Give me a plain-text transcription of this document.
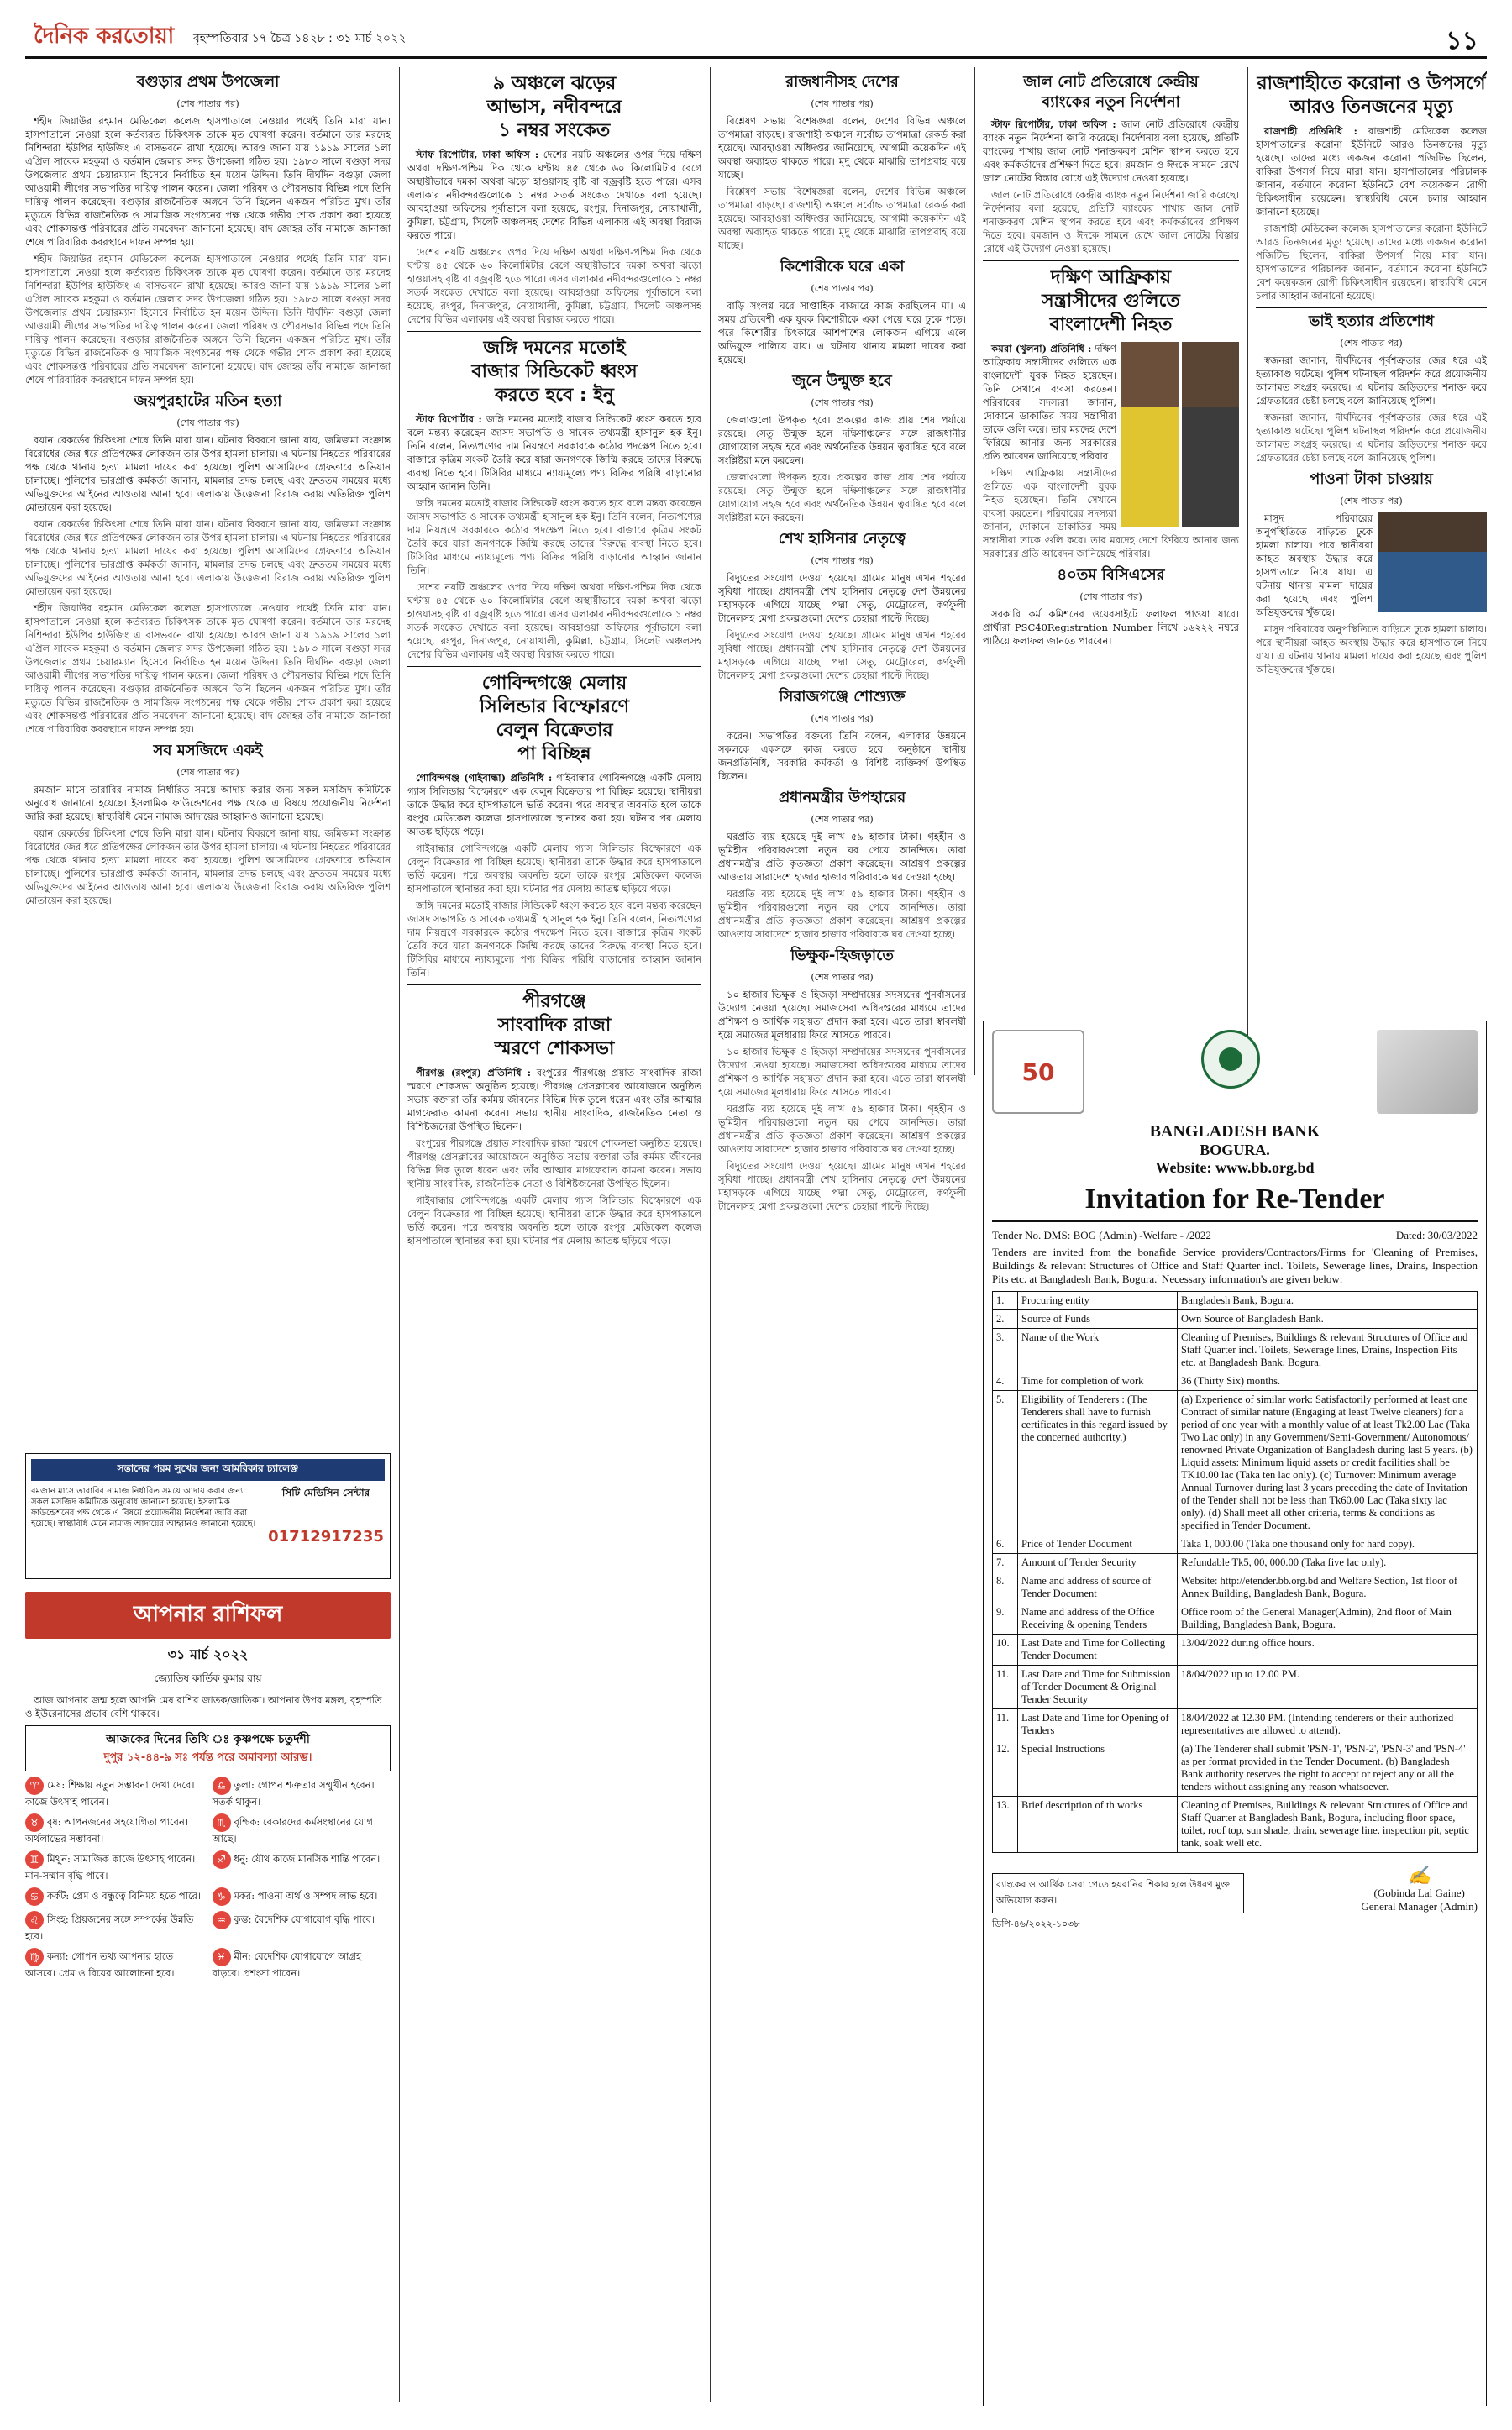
দৈনিক করতোয়া বৃহস্পতিবার ১৭ চৈত্র ১৪২৮ : ৩১ মার্চ ২০২২	১১
বগুড়ার প্রথম উপজেলা
(শেষ পাতার পর)

শহীদ জিয়াউর রহমান মেডিকেল কলেজ হাসপাতালে নেওয়ার পথেই তিনি মারা যান। হাসপাতালে নেওয়া হলে কর্তব্যরত চিকিৎসক তাকে মৃত ঘোষণা করেন। বর্তমানে তার মরদেহ নিশিন্দারা ইউপির হাউজিং এ বাসভবনে রাখা হয়েছে। আরও জানা যায় ১৯১৯ সালের ১লা এপ্রিল সাবেক মহকুমা ও বর্তমান জেলার সদর উপজেলা গঠিত হয়। ১৯৮৩ সালে বগুড়া সদর উপজেলার প্রথম চেয়ারম্যান হিসেবে নির্বাচিত হন ময়েন উদ্দিন। তিনি দীর্ঘদিন বগুড়া জেলা আওয়ামী লীগের সভাপতির দায়িত্ব পালন করেন। জেলা পরিষদ ও পৌরসভার বিভিন্ন পদে তিনি দায়িত্ব পালন করেছেন। বগুড়ার রাজনৈতিক অঙ্গনে তিনি ছিলেন একজন পরিচিত মুখ। তাঁর মৃত্যুতে বিভিন্ন রাজনৈতিক ও সামাজিক সংগঠনের পক্ষ থেকে গভীর শোক প্রকাশ করা হয়েছে এবং শোকসন্তপ্ত পরিবারের প্রতি সমবেদনা জানানো হয়েছে। বাদ জোহর তাঁর নামাজে জানাজা শেষে পারিবারিক কবরস্থানে দাফন সম্পন্ন হয়।

শহীদ জিয়াউর রহমান মেডিকেল কলেজ হাসপাতালে নেওয়ার পথেই তিনি মারা যান। হাসপাতালে নেওয়া হলে কর্তব্যরত চিকিৎসক তাকে মৃত ঘোষণা করেন। বর্তমানে তার মরদেহ নিশিন্দারা ইউপির হাউজিং এ বাসভবনে রাখা হয়েছে। আরও জানা যায় ১৯১৯ সালের ১লা এপ্রিল সাবেক মহকুমা ও বর্তমান জেলার সদর উপজেলা গঠিত হয়। ১৯৮৩ সালে বগুড়া সদর উপজেলার প্রথম চেয়ারম্যান হিসেবে নির্বাচিত হন ময়েন উদ্দিন। তিনি দীর্ঘদিন বগুড়া জেলা আওয়ামী লীগের সভাপতির দায়িত্ব পালন করেন। জেলা পরিষদ ও পৌরসভার বিভিন্ন পদে তিনি দায়িত্ব পালন করেছেন। বগুড়ার রাজনৈতিক অঙ্গনে তিনি ছিলেন একজন পরিচিত মুখ। তাঁর মৃত্যুতে বিভিন্ন রাজনৈতিক ও সামাজিক সংগঠনের পক্ষ থেকে গভীর শোক প্রকাশ করা হয়েছে এবং শোকসন্তপ্ত পরিবারের প্রতি সমবেদনা জানানো হয়েছে। বাদ জোহর তাঁর নামাজে জানাজা শেষে পারিবারিক কবরস্থানে দাফন সম্পন্ন হয়।

জয়পুরহাটের মতিন হত্যা
(শেষ পাতার পর)

বয়ান রেকর্ডের চিকিৎসা শেষে তিনি মারা যান। ঘটনার বিবরণে জানা যায়, জমিজমা সংক্রান্ত বিরোধের জের ধরে প্রতিপক্ষের লোকজন তার উপর হামলা চালায়। এ ঘটনায় নিহতের পরিবারের পক্ষ থেকে থানায় হত্যা মামলা দায়ের করা হয়েছে। পুলিশ আসামিদের গ্রেফতারে অভিযান চালাচ্ছে। পুলিশের ভারপ্রাপ্ত কর্মকর্তা জানান, মামলার তদন্ত চলছে এবং দ্রুততম সময়ের মধ্যে অভিযুক্তদের আইনের আওতায় আনা হবে। এলাকায় উত্তেজনা বিরাজ করায় অতিরিক্ত পুলিশ মোতায়েন করা হয়েছে।

বয়ান রেকর্ডের চিকিৎসা শেষে তিনি মারা যান। ঘটনার বিবরণে জানা যায়, জমিজমা সংক্রান্ত বিরোধের জের ধরে প্রতিপক্ষের লোকজন তার উপর হামলা চালায়। এ ঘটনায় নিহতের পরিবারের পক্ষ থেকে থানায় হত্যা মামলা দায়ের করা হয়েছে। পুলিশ আসামিদের গ্রেফতারে অভিযান চালাচ্ছে। পুলিশের ভারপ্রাপ্ত কর্মকর্তা জানান, মামলার তদন্ত চলছে এবং দ্রুততম সময়ের মধ্যে অভিযুক্তদের আইনের আওতায় আনা হবে। এলাকায় উত্তেজনা বিরাজ করায় অতিরিক্ত পুলিশ মোতায়েন করা হয়েছে।

শহীদ জিয়াউর রহমান মেডিকেল কলেজ হাসপাতালে নেওয়ার পথেই তিনি মারা যান। হাসপাতালে নেওয়া হলে কর্তব্যরত চিকিৎসক তাকে মৃত ঘোষণা করেন। বর্তমানে তার মরদেহ নিশিন্দারা ইউপির হাউজিং এ বাসভবনে রাখা হয়েছে। আরও জানা যায় ১৯১৯ সালের ১লা এপ্রিল সাবেক মহকুমা ও বর্তমান জেলার সদর উপজেলা গঠিত হয়। ১৯৮৩ সালে বগুড়া সদর উপজেলার প্রথম চেয়ারম্যান হিসেবে নির্বাচিত হন ময়েন উদ্দিন। তিনি দীর্ঘদিন বগুড়া জেলা আওয়ামী লীগের সভাপতির দায়িত্ব পালন করেন। জেলা পরিষদ ও পৌরসভার বিভিন্ন পদে তিনি দায়িত্ব পালন করেছেন। বগুড়ার রাজনৈতিক অঙ্গনে তিনি ছিলেন একজন পরিচিত মুখ। তাঁর মৃত্যুতে বিভিন্ন রাজনৈতিক ও সামাজিক সংগঠনের পক্ষ থেকে গভীর শোক প্রকাশ করা হয়েছে এবং শোকসন্তপ্ত পরিবারের প্রতি সমবেদনা জানানো হয়েছে। বাদ জোহর তাঁর নামাজে জানাজা শেষে পারিবারিক কবরস্থানে দাফন সম্পন্ন হয়।

সব মসজিদে একই
(শেষ পাতার পর)

রমজান মাসে তারাবির নামাজ নির্ধারিত সময়ে আদায় করার জন্য সকল মসজিদ কমিটিকে অনুরোধ জানানো হয়েছে। ইসলামিক ফাউন্ডেশনের পক্ষ থেকে এ বিষয়ে প্রয়োজনীয় নির্দেশনা জারি করা হয়েছে। স্বাস্থ্যবিধি মেনে নামাজ আদায়ের আহ্বানও জানানো হয়েছে।

বয়ান রেকর্ডের চিকিৎসা শেষে তিনি মারা যান। ঘটনার বিবরণে জানা যায়, জমিজমা সংক্রান্ত বিরোধের জের ধরে প্রতিপক্ষের লোকজন তার উপর হামলা চালায়। এ ঘটনায় নিহতের পরিবারের পক্ষ থেকে থানায় হত্যা মামলা দায়ের করা হয়েছে। পুলিশ আসামিদের গ্রেফতারে অভিযান চালাচ্ছে। পুলিশের ভারপ্রাপ্ত কর্মকর্তা জানান, মামলার তদন্ত চলছে এবং দ্রুততম সময়ের মধ্যে অভিযুক্তদের আইনের আওতায় আনা হবে। এলাকায় উত্তেজনা বিরাজ করায় অতিরিক্ত পুলিশ মোতায়েন করা হয়েছে।

সন্তানের পরম সুখের জন্য আমরিকার চ্যালেঞ্জ
রমজান মাসে তারাবির নামাজ নির্ধারিত সময়ে আদায় করার জন্য সকল মসজিদ কমিটিকে অনুরোধ জানানো হয়েছে। ইসলামিক ফাউন্ডেশনের পক্ষ থেকে এ বিষয়ে প্রয়োজনীয় নির্দেশনা জারি করা হয়েছে। স্বাস্থ্যবিধি মেনে নামাজ আদায়ের আহ্বানও জানানো হয়েছে।
সিটি মেডিসিন সেন্টার
01712917235
আপনার রাশিফল
৩১ মার্চ ২০২২
জ্যোতিষ কার্তিক কুমার রায়

আজ আপনার জন্ম হলে আপনি মেষ রাশির জাতক/জাতিকা। আপনার উপর মঙ্গল, বৃহস্পতি ও ইউরেনাসের প্রভাব বেশি থাকবে।

আজকের দিনের তিথি ঃ কৃষ্ণপক্ষে চতুর্দশী
দুপুর ১২-৪৪-৯ সঃ পর্যন্ত পরে অমাবস্যা আরম্ভ।
♈ মেষ: শিক্ষায় নতুন সম্ভাবনা দেখা দেবে। কাজে উৎসাহ পাবেন।
♎ তুলা: গোপন শত্রুতার সম্মুখীন হবেন। সতর্ক থাকুন।
♉ বৃষ: আপনজনের সহযোগিতা পাবেন। অর্থলাভের সম্ভাবনা।
♏ বৃশ্চিক: বেকারদের কর্মসংস্থানের যোগ আছে।
♊ মিথুন: সামাজিক কাজে উৎসাহ পাবেন। মান-সম্মান বৃদ্ধি পাবে।
♐ ধনু: যৌথ কাজে মানসিক শান্তি পাবেন।
♋ কর্কট: প্রেম ও বন্ধুত্বে বিনিময় হতে পারে।	♑ মকর: পাওনা অর্থ ও সম্পদ লাভ হবে।
♌ সিংহ: প্রিয়জনের সঙ্গে সম্পর্কের উন্নতি হবে।
♒ কুম্ভ: বৈদেশিক যোগাযোগ বৃদ্ধি পাবে।
♍ কন্যা: গোপন তথ্য আপনার হাতে আসবে। প্রেম ও বিয়ের আলোচনা হবে।
♓ মীন: বেদেশিক যোগাযোগে আগ্রহ বাড়বে। প্রশংসা পাবেন।
৯ অঞ্চলে ঝড়ের
আভাস, নদীবন্দরে
১ নম্বর সংকেত

স্টাফ রিপোর্টার, ঢাকা অফিস : দেশের নয়টি অঞ্চলের ওপর দিয়ে দক্ষিণ অথবা দক্ষিণ-পশ্চিম দিক থেকে ঘণ্টায় ৪৫ থেকে ৬০ কিলোমিটার বেগে অস্থায়ীভাবে দমকা অথবা ঝড়ো হাওয়াসহ বৃষ্টি বা বজ্রবৃষ্টি হতে পারে। এসব এলাকার নদীবন্দরগুলোকে ১ নম্বর সতর্ক সংকেত দেখাতে বলা হয়েছে। আবহাওয়া অফিসের পূর্বাভাসে বলা হয়েছে, রংপুর, দিনাজপুর, নোয়াখালী, কুমিল্লা, চট্টগ্রাম, সিলেট অঞ্চলসহ দেশের বিভিন্ন এলাকায় এই অবস্থা বিরাজ করতে পারে।

দেশের নয়টি অঞ্চলের ওপর দিয়ে দক্ষিণ অথবা দক্ষিণ-পশ্চিম দিক থেকে ঘণ্টায় ৪৫ থেকে ৬০ কিলোমিটার বেগে অস্থায়ীভাবে দমকা অথবা ঝড়ো হাওয়াসহ বৃষ্টি বা বজ্রবৃষ্টি হতে পারে। এসব এলাকার নদীবন্দরগুলোকে ১ নম্বর সতর্ক সংকেত দেখাতে বলা হয়েছে। আবহাওয়া অফিসের পূর্বাভাসে বলা হয়েছে, রংপুর, দিনাজপুর, নোয়াখালী, কুমিল্লা, চট্টগ্রাম, সিলেট অঞ্চলসহ দেশের বিভিন্ন এলাকায় এই অবস্থা বিরাজ করতে পারে।

জঙ্গি দমনের মতোই
বাজার সিন্ডিকেট ধ্বংস
করতে হবে : ইনু

স্টাফ রিপোর্টার : জঙ্গি দমনের মতোই বাজার সিন্ডিকেট ধ্বংস করতে হবে বলে মন্তব্য করেছেন জাসদ সভাপতি ও সাবেক তথ্যমন্ত্রী হাসানুল হক ইনু। তিনি বলেন, নিত্যপণ্যের দাম নিয়ন্ত্রণে সরকারকে কঠোর পদক্ষেপ নিতে হবে। বাজারে কৃত্রিম সংকট তৈরি করে যারা জনগণকে জিম্মি করছে তাদের বিরুদ্ধে ব্যবস্থা নিতে হবে। টিসিবির মাধ্যমে ন্যায্যমূল্যে পণ্য বিক্রির পরিধি বাড়ানোর আহ্বান জানান তিনি।

জঙ্গি দমনের মতোই বাজার সিন্ডিকেট ধ্বংস করতে হবে বলে মন্তব্য করেছেন জাসদ সভাপতি ও সাবেক তথ্যমন্ত্রী হাসানুল হক ইনু। তিনি বলেন, নিত্যপণ্যের দাম নিয়ন্ত্রণে সরকারকে কঠোর পদক্ষেপ নিতে হবে। বাজারে কৃত্রিম সংকট তৈরি করে যারা জনগণকে জিম্মি করছে তাদের বিরুদ্ধে ব্যবস্থা নিতে হবে। টিসিবির মাধ্যমে ন্যায্যমূল্যে পণ্য বিক্রির পরিধি বাড়ানোর আহ্বান জানান তিনি।

দেশের নয়টি অঞ্চলের ওপর দিয়ে দক্ষিণ অথবা দক্ষিণ-পশ্চিম দিক থেকে ঘণ্টায় ৪৫ থেকে ৬০ কিলোমিটার বেগে অস্থায়ীভাবে দমকা অথবা ঝড়ো হাওয়াসহ বৃষ্টি বা বজ্রবৃষ্টি হতে পারে। এসব এলাকার নদীবন্দরগুলোকে ১ নম্বর সতর্ক সংকেত দেখাতে বলা হয়েছে। আবহাওয়া অফিসের পূর্বাভাসে বলা হয়েছে, রংপুর, দিনাজপুর, নোয়াখালী, কুমিল্লা, চট্টগ্রাম, সিলেট অঞ্চলসহ দেশের বিভিন্ন এলাকায় এই অবস্থা বিরাজ করতে পারে।

গোবিন্দগঞ্জে মেলায়
সিলিন্ডার বিস্ফোরণে
বেলুন বিক্রেতার
পা বিচ্ছিন্ন

গোবিন্দগঞ্জ (গাইবান্ধা) প্রতিনিধি : গাইবান্ধার গোবিন্দগঞ্জে একটি মেলায় গ্যাস সিলিন্ডার বিস্ফোরণে এক বেলুন বিক্রেতার পা বিচ্ছিন্ন হয়েছে। স্থানীয়রা তাকে উদ্ধার করে হাসপাতালে ভর্তি করেন। পরে অবস্থার অবনতি হলে তাকে রংপুর মেডিকেল কলেজ হাসপাতালে স্থানান্তর করা হয়। ঘটনার পর মেলায় আতঙ্ক ছড়িয়ে পড়ে।

গাইবান্ধার গোবিন্দগঞ্জে একটি মেলায় গ্যাস সিলিন্ডার বিস্ফোরণে এক বেলুন বিক্রেতার পা বিচ্ছিন্ন হয়েছে। স্থানীয়রা তাকে উদ্ধার করে হাসপাতালে ভর্তি করেন। পরে অবস্থার অবনতি হলে তাকে রংপুর মেডিকেল কলেজ হাসপাতালে স্থানান্তর করা হয়। ঘটনার পর মেলায় আতঙ্ক ছড়িয়ে পড়ে।

জঙ্গি দমনের মতোই বাজার সিন্ডিকেট ধ্বংস করতে হবে বলে মন্তব্য করেছেন জাসদ সভাপতি ও সাবেক তথ্যমন্ত্রী হাসানুল হক ইনু। তিনি বলেন, নিত্যপণ্যের দাম নিয়ন্ত্রণে সরকারকে কঠোর পদক্ষেপ নিতে হবে। বাজারে কৃত্রিম সংকট তৈরি করে যারা জনগণকে জিম্মি করছে তাদের বিরুদ্ধে ব্যবস্থা নিতে হবে। টিসিবির মাধ্যমে ন্যায্যমূল্যে পণ্য বিক্রির পরিধি বাড়ানোর আহ্বান জানান তিনি।

পীরগঞ্জে
সাংবাদিক রাজা
স্মরণে শোকসভা

পীরগঞ্জ (রংপুর) প্রতিনিধি : রংপুরের পীরগঞ্জে প্রয়াত সাংবাদিক রাজা স্মরণে শোকসভা অনুষ্ঠিত হয়েছে। পীরগঞ্জ প্রেসক্লাবের আয়োজনে অনুষ্ঠিত সভায় বক্তারা তাঁর কর্মময় জীবনের বিভিন্ন দিক তুলে ধরেন এবং তাঁর আত্মার মাগফেরাত কামনা করেন। সভায় স্থানীয় সাংবাদিক, রাজনৈতিক নেতা ও বিশিষ্টজনেরা উপস্থিত ছিলেন।

রংপুরের পীরগঞ্জে প্রয়াত সাংবাদিক রাজা স্মরণে শোকসভা অনুষ্ঠিত হয়েছে। পীরগঞ্জ প্রেসক্লাবের আয়োজনে অনুষ্ঠিত সভায় বক্তারা তাঁর কর্মময় জীবনের বিভিন্ন দিক তুলে ধরেন এবং তাঁর আত্মার মাগফেরাত কামনা করেন। সভায় স্থানীয় সাংবাদিক, রাজনৈতিক নেতা ও বিশিষ্টজনেরা উপস্থিত ছিলেন।

গাইবান্ধার গোবিন্দগঞ্জে একটি মেলায় গ্যাস সিলিন্ডার বিস্ফোরণে এক বেলুন বিক্রেতার পা বিচ্ছিন্ন হয়েছে। স্থানীয়রা তাকে উদ্ধার করে হাসপাতালে ভর্তি করেন। পরে অবস্থার অবনতি হলে তাকে রংপুর মেডিকেল কলেজ হাসপাতালে স্থানান্তর করা হয়। ঘটনার পর মেলায় আতঙ্ক ছড়িয়ে পড়ে।

রাজধানীসহ দেশের
(শেষ পাতার পর)

বিশ্লেষণ সভায় বিশেষজ্ঞরা বলেন, দেশের বিভিন্ন অঞ্চলে তাপমাত্রা বাড়ছে। রাজশাহী অঞ্চলে সর্বোচ্চ তাপমাত্রা রেকর্ড করা হয়েছে। আবহাওয়া অধিদপ্তর জানিয়েছে, আগামী কয়েকদিন এই অবস্থা অব্যাহত থাকতে পারে। মৃদু থেকে মাঝারি তাপপ্রবাহ বয়ে যাচ্ছে।

বিশ্লেষণ সভায় বিশেষজ্ঞরা বলেন, দেশের বিভিন্ন অঞ্চলে তাপমাত্রা বাড়ছে। রাজশাহী অঞ্চলে সর্বোচ্চ তাপমাত্রা রেকর্ড করা হয়েছে। আবহাওয়া অধিদপ্তর জানিয়েছে, আগামী কয়েকদিন এই অবস্থা অব্যাহত থাকতে পারে। মৃদু থেকে মাঝারি তাপপ্রবাহ বয়ে যাচ্ছে।

কিশোরীকে ঘরে একা
(শেষ পাতার পর)

বাড়ি সংলগ্ন ঘরে সাপ্তাহিক বাজারে কাজ করছিলেন মা। এ সময় প্রতিবেশী এক যুবক কিশোরীকে একা পেয়ে ঘরে ঢুকে পড়ে। পরে কিশোরীর চিৎকারে আশপাশের লোকজন এগিয়ে এলে অভিযুক্ত পালিয়ে যায়। এ ঘটনায় থানায় মামলা দায়ের করা হয়েছে।

জুনে উন্মুক্ত হবে
(শেষ পাতার পর)

জেলাগুলো উপকৃত হবে। প্রকল্পের কাজ প্রায় শেষ পর্যায়ে রয়েছে। সেতু উন্মুক্ত হলে দক্ষিণাঞ্চলের সঙ্গে রাজধানীর যোগাযোগ সহজ হবে এবং অর্থনৈতিক উন্নয়ন ত্বরান্বিত হবে বলে সংশ্লিষ্টরা মনে করছেন।

জেলাগুলো উপকৃত হবে। প্রকল্পের কাজ প্রায় শেষ পর্যায়ে রয়েছে। সেতু উন্মুক্ত হলে দক্ষিণাঞ্চলের সঙ্গে রাজধানীর যোগাযোগ সহজ হবে এবং অর্থনৈতিক উন্নয়ন ত্বরান্বিত হবে বলে সংশ্লিষ্টরা মনে করছেন।

শেখ হাসিনার নেতৃত্বে
(শেষ পাতার পর)

বিদ্যুতের সংযোগ দেওয়া হয়েছে। গ্রামের মানুষ এখন শহরের সুবিধা পাচ্ছে। প্রধানমন্ত্রী শেখ হাসিনার নেতৃত্বে দেশ উন্নয়নের মহাসড়কে এগিয়ে যাচ্ছে। পদ্মা সেতু, মেট্রোরেল, কর্ণফুলী টানেলসহ মেগা প্রকল্পগুলো দেশের চেহারা পাল্টে দিচ্ছে।

বিদ্যুতের সংযোগ দেওয়া হয়েছে। গ্রামের মানুষ এখন শহরের সুবিধা পাচ্ছে। প্রধানমন্ত্রী শেখ হাসিনার নেতৃত্বে দেশ উন্নয়নের মহাসড়কে এগিয়ে যাচ্ছে। পদ্মা সেতু, মেট্রোরেল, কর্ণফুলী টানেলসহ মেগা প্রকল্পগুলো দেশের চেহারা পাল্টে দিচ্ছে।

সিরাজগঞ্জে শোশ্যুক্ত
(শেষ পাতার পর)

করেন। সভাপতির বক্তব্যে তিনি বলেন, এলাকার উন্নয়নে সকলকে একসঙ্গে কাজ করতে হবে। অনুষ্ঠানে স্থানীয় জনপ্রতিনিধি, সরকারি কর্মকর্তা ও বিশিষ্ট ব্যক্তিবর্গ উপস্থিত ছিলেন।

প্রধানমন্ত্রীর উপহারের
(শেষ পাতার পর)

ঘরপ্রতি ব্যয় হয়েছে দুই লাখ ৫৯ হাজার টাকা। গৃহহীন ও ভূমিহীন পরিবারগুলো নতুন ঘর পেয়ে আনন্দিত। তারা প্রধানমন্ত্রীর প্রতি কৃতজ্ঞতা প্রকাশ করেছেন। আশ্রয়ণ প্রকল্পের আওতায় সারাদেশে হাজার হাজার পরিবারকে ঘর দেওয়া হচ্ছে।

ঘরপ্রতি ব্যয় হয়েছে দুই লাখ ৫৯ হাজার টাকা। গৃহহীন ও ভূমিহীন পরিবারগুলো নতুন ঘর পেয়ে আনন্দিত। তারা প্রধানমন্ত্রীর প্রতি কৃতজ্ঞতা প্রকাশ করেছেন। আশ্রয়ণ প্রকল্পের আওতায় সারাদেশে হাজার হাজার পরিবারকে ঘর দেওয়া হচ্ছে।

ভিক্ষুক-হিজড়াতে
(শেষ পাতার পর)

১০ হাজার ভিক্ষুক ও হিজড়া সম্প্রদায়ের সদস্যদের পুনর্বাসনের উদ্যোগ নেওয়া হয়েছে। সমাজসেবা অধিদপ্তরের মাধ্যমে তাদের প্রশিক্ষণ ও আর্থিক সহায়তা প্রদান করা হবে। এতে তারা স্বাবলম্বী হয়ে সমাজের মূলধারায় ফিরে আসতে পারবে।

১০ হাজার ভিক্ষুক ও হিজড়া সম্প্রদায়ের সদস্যদের পুনর্বাসনের উদ্যোগ নেওয়া হয়েছে। সমাজসেবা অধিদপ্তরের মাধ্যমে তাদের প্রশিক্ষণ ও আর্থিক সহায়তা প্রদান করা হবে। এতে তারা স্বাবলম্বী হয়ে সমাজের মূলধারায় ফিরে আসতে পারবে।

ঘরপ্রতি ব্যয় হয়েছে দুই লাখ ৫৯ হাজার টাকা। গৃহহীন ও ভূমিহীন পরিবারগুলো নতুন ঘর পেয়ে আনন্দিত। তারা প্রধানমন্ত্রীর প্রতি কৃতজ্ঞতা প্রকাশ করেছেন। আশ্রয়ণ প্রকল্পের আওতায় সারাদেশে হাজার হাজার পরিবারকে ঘর দেওয়া হচ্ছে।

বিদ্যুতের সংযোগ দেওয়া হয়েছে। গ্রামের মানুষ এখন শহরের সুবিধা পাচ্ছে। প্রধানমন্ত্রী শেখ হাসিনার নেতৃত্বে দেশ উন্নয়নের মহাসড়কে এগিয়ে যাচ্ছে। পদ্মা সেতু, মেট্রোরেল, কর্ণফুলী টানেলসহ মেগা প্রকল্পগুলো দেশের চেহারা পাল্টে দিচ্ছে।

জাল নোট প্রতিরোধে কেন্দ্রীয়
ব্যাংকের নতুন নির্দেশনা

স্টাফ রিপোর্টার, ঢাকা অফিস : জাল নোট প্রতিরোধে কেন্দ্রীয় ব্যাংক নতুন নির্দেশনা জারি করেছে। নির্দেশনায় বলা হয়েছে, প্রতিটি ব্যাংকের শাখায় জাল নোট শনাক্তকরণ মেশিন স্থাপন করতে হবে এবং কর্মকর্তাদের প্রশিক্ষণ দিতে হবে। রমজান ও ঈদকে সামনে রেখে জাল নোটের বিস্তার রোধে এই উদ্যোগ নেওয়া হয়েছে।

জাল নোট প্রতিরোধে কেন্দ্রীয় ব্যাংক নতুন নির্দেশনা জারি করেছে। নির্দেশনায় বলা হয়েছে, প্রতিটি ব্যাংকের শাখায় জাল নোট শনাক্তকরণ মেশিন স্থাপন করতে হবে এবং কর্মকর্তাদের প্রশিক্ষণ দিতে হবে। রমজান ও ঈদকে সামনে রেখে জাল নোটের বিস্তার রোধে এই উদ্যোগ নেওয়া হয়েছে।

দক্ষিণ আফ্রিকায়
সন্ত্রাসীদের গুলিতে
বাংলাদেশী নিহত

কয়রা (খুলনা) প্রতিনিধি : দক্ষিণ আফ্রিকায় সন্ত্রাসীদের গুলিতে এক বাংলাদেশী যুবক নিহত হয়েছেন। তিনি সেখানে ব্যবসা করতেন। পরিবারের সদস্যরা জানান, দোকানে ডাকাতির সময় সন্ত্রাসীরা তাকে গুলি করে। তার মরদেহ দেশে ফিরিয়ে আনার জন্য সরকারের প্রতি আবেদন জানিয়েছে পরিবার।

দক্ষিণ আফ্রিকায় সন্ত্রাসীদের গুলিতে এক বাংলাদেশী যুবক নিহত হয়েছেন। তিনি সেখানে ব্যবসা করতেন। পরিবারের সদস্যরা জানান, দোকানে ডাকাতির সময় সন্ত্রাসীরা তাকে গুলি করে। তার মরদেহ দেশে ফিরিয়ে আনার জন্য সরকারের প্রতি আবেদন জানিয়েছে পরিবার।

৪০তম বিসিএসের
(শেষ পাতার পর)

সরকারি কর্ম কমিশনের ওয়েবসাইটে ফলাফল পাওয়া যাবে। প্রার্থীরা PSC40Registration Number লিখে ১৬২২২ নম্বরে পাঠিয়ে ফলাফল জানতে পারবেন।

রাজশাহীতে করোনা ও উপসর্গে
আরও তিনজনের মৃত্যু

রাজশাহী প্রতিনিধি : রাজশাহী মেডিকেল কলেজ হাসপাতালের করোনা ইউনিটে আরও তিনজনের মৃত্যু হয়েছে। তাদের মধ্যে একজন করোনা পজিটিভ ছিলেন, বাকিরা উপসর্গ নিয়ে মারা যান। হাসপাতালের পরিচালক জানান, বর্তমানে করোনা ইউনিটে বেশ কয়েকজন রোগী চিকিৎসাধীন রয়েছেন। স্বাস্থ্যবিধি মেনে চলার আহ্বান জানানো হয়েছে।

রাজশাহী মেডিকেল কলেজ হাসপাতালের করোনা ইউনিটে আরও তিনজনের মৃত্যু হয়েছে। তাদের মধ্যে একজন করোনা পজিটিভ ছিলেন, বাকিরা উপসর্গ নিয়ে মারা যান। হাসপাতালের পরিচালক জানান, বর্তমানে করোনা ইউনিটে বেশ কয়েকজন রোগী চিকিৎসাধীন রয়েছেন। স্বাস্থ্যবিধি মেনে চলার আহ্বান জানানো হয়েছে।

ভাই হত্যার প্রতিশোধ
(শেষ পাতার পর)

স্বজনরা জানান, দীর্ঘদিনের পূর্বশত্রুতার জের ধরে এই হত্যাকাণ্ড ঘটেছে। পুলিশ ঘটনাস্থল পরিদর্শন করে প্রয়োজনীয় আলামত সংগ্রহ করেছে। এ ঘটনায় জড়িতদের শনাক্ত করে গ্রেফতারের চেষ্টা চলছে বলে জানিয়েছে পুলিশ।

স্বজনরা জানান, দীর্ঘদিনের পূর্বশত্রুতার জের ধরে এই হত্যাকাণ্ড ঘটেছে। পুলিশ ঘটনাস্থল পরিদর্শন করে প্রয়োজনীয় আলামত সংগ্রহ করেছে। এ ঘটনায় জড়িতদের শনাক্ত করে গ্রেফতারের চেষ্টা চলছে বলে জানিয়েছে পুলিশ।

পাওনা টাকা চাওয়ায়
(শেষ পাতার পর)

মাসুদ পরিবারের অনুপস্থিতিতে বাড়িতে ঢুকে হামলা চালায়। পরে স্থানীয়রা আহত অবস্থায় উদ্ধার করে হাসপাতালে নিয়ে যায়। এ ঘটনায় থানায় মামলা দায়ের করা হয়েছে এবং পুলিশ অভিযুক্তদের খুঁজছে।

মাসুদ পরিবারের অনুপস্থিতিতে বাড়িতে ঢুকে হামলা চালায়। পরে স্থানীয়রা আহত অবস্থায় উদ্ধার করে হাসপাতালে নিয়ে যায়। এ ঘটনায় থানায় মামলা দায়ের করা হয়েছে এবং পুলিশ অভিযুক্তদের খুঁজছে।

50
BANGLADESH BANK
BOGURA.
Website: www.bb.org.bd
Invitation for Re-Tender
Tender No. DMS: BOG (Admin) -Welfare - /2022	Dated: 30/03/2022
Tenders are invited from the bonafide Service providers/Contractors/Firms for 'Cleaning of Premises, Buildings & relevant Structures of Office and Staff Quarter incl. Toilets, Sewerage lines, Drains, Inspection Pits etc. at Bangladesh Bank, Bogura.' Necessary information's are given below:
1.	Procuring entity	Bangladesh Bank, Bogura.
2.	Source of Funds	Own Source of Bangladesh Bank.
3.	Name of the Work	Cleaning of Premises, Buildings & relevant Structures of Office and Staff Quarter incl. Toilets, Sewerage lines, Drains, Inspection Pits etc. at Bangladesh Bank, Bogura.
4.	Time for completion of work	36 (Thirty Six) months.
5.	Eligibility of Tenderers : (The Tenderers shall have to furnish certificates in this regard issued by the concerned authority.)	(a) Experience of similar work: Satisfactorily performed at least one Contract of similar nature (Engaging at least Twelve cleaners) for a period of one year with a monthly value of at least Tk2.00 Lac (Taka Two Lac only) in any Government/Semi-Government/ Autonomous/ renowned Private Organization of Bangladesh during last 5 years. (b) Liquid assets: Minimum liquid assets or credit facilities shall be TK10.00 lac (Taka ten lac only). (c) Turnover: Minimum average Annual Turnover during last 3 years preceding the date of Invitation of the Tender shall not be less than Tk60.00 Lac (Taka sixty lac only). (d) Shall meet all other criteria, terms & conditions as specified in Tender Document.
6.	Price of Tender Document	Taka 1, 000.00 (Taka one thousand only for hard copy).
7.	Amount of Tender Security	Refundable Tk5, 00, 000.00 (Taka five lac only).
8.	Name and address of source of Tender Document	Website: http://etender.bb.org.bd and Welfare Section, 1st floor of Annex Building, Bangladesh Bank, Bogura.
9.	Name and address of the Office Receiving & opening Tenders	Office room of the General Manager(Admin), 2nd floor of Main Building, Bangladesh Bank, Bogura.
10.	Last Date and Time for Collecting Tender Document	13/04/2022 during office hours.
11.	Last Date and Time for Submission of Tender Document & Original Tender Security	18/04/2022 up to 12.00 PM.
11.	Last Date and Time for Opening of Tenders	18/04/2022 at 12.30 PM. (Intending tenderers or their authorized representatives are allowed to attend).
12.	Special Instructions	(a) The Tenderer shall submit 'PSN-1', 'PSN-2', 'PSN-3' and 'PSN-4' as per format provided in the Tender Document. (b) Bangladesh Bank authority reserves the right to accept or reject any or all the tenders without assigning any reason whatsoever.
13.	Brief description of th works	Cleaning of Premises, Buildings & relevant Structures of Office and Staff Quarter at Bangladesh Bank, Bogura, including floor space, toilet, roof top, sun shade, drain, sewerage line, inspection pit, septic tank, soak well etc.
ব্যাংকের ও আর্থিক সেবা পেতে হয়রানির শিকার হলে উধরণ মুক্ত অভিযোগ করুন।
✍
(Gobinda Lal Gaine)
General Manager (Admin)
ডিপি-৪৬/২০২২-১০৩৮
